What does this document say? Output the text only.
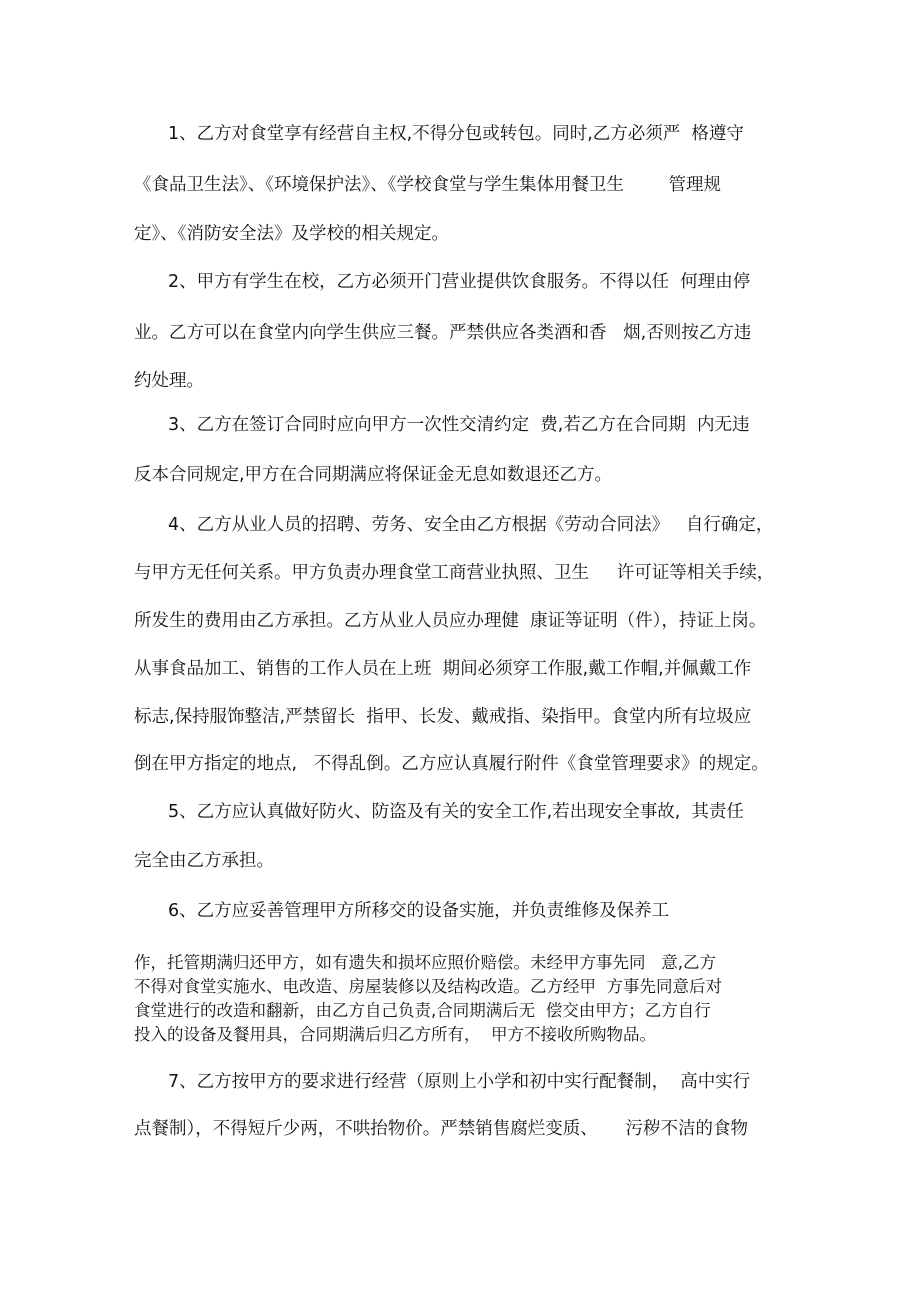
1、乙方对食堂享有经营自主权,不得分包或转包。同时,乙方必须严  格遵守

《食品卫生法》、《环境保护法》、《学校食堂与学生集体用餐卫生        管理规

定》、《消防安全法》及学校的相关规定。

2、甲方有学生在校，乙方必须开门营业提供饮食服务。不得以任  何理由停

业。乙方可以在食堂内向学生供应三餐。严禁供应各类酒和香   烟,否则按乙方违

约处理。

3、乙方在签订合同时应向甲方一次性交清约定  费,若乙方在合同期  内无违

反本合同规定,甲方在合同期满应将保证金无息如数退还乙方。

4、乙方从业人员的招聘、劳务、安全由乙方根据《劳动合同法》   自行确定，

与甲方无任何关系。甲方负责办理食堂工商营业执照、卫生     许可证等相关手续，

所发生的费用由乙方承担。乙方从业人员应办理健  康证等证明（件），持证上岗。

从事食品加工、销售的工作人员在上班  期间必须穿工作服,戴工作帽,并佩戴工作

标志,保持服饰整洁,严禁留长  指甲、长发、戴戒指、染指甲。食堂内所有垃圾应

倒在甲方指定的地点,   不得乱倒。乙方应认真履行附件《食堂管理要求》的规定。

5、乙方应认真做好防火、防盗及有关的安全工作,若出现安全事故,  其责任

完全由乙方承担。

6、乙方应妥善管理甲方所移交的设备实施，并负责维修及保养工

作，托管期满归还甲方，如有遗失和损坏应照价赔偿。未经甲方事先同   意,乙方

不得对食堂实施水、电改造、房屋装修以及结构改造。乙方经甲  方事先同意后对

食堂进行的改造和翻新，由乙方自己负责,合同期满后无  偿交由甲方；乙方自行

投入的设备及餐用具，合同期满后归乙方所有，  甲方不接收所购物品。

7、乙方按甲方的要求进行经营（原则上小学和初中实行配餐制，  高中实行

点餐制），不得短斤少两，不哄抬物价。严禁销售腐烂变质、     污秽不洁的食物
